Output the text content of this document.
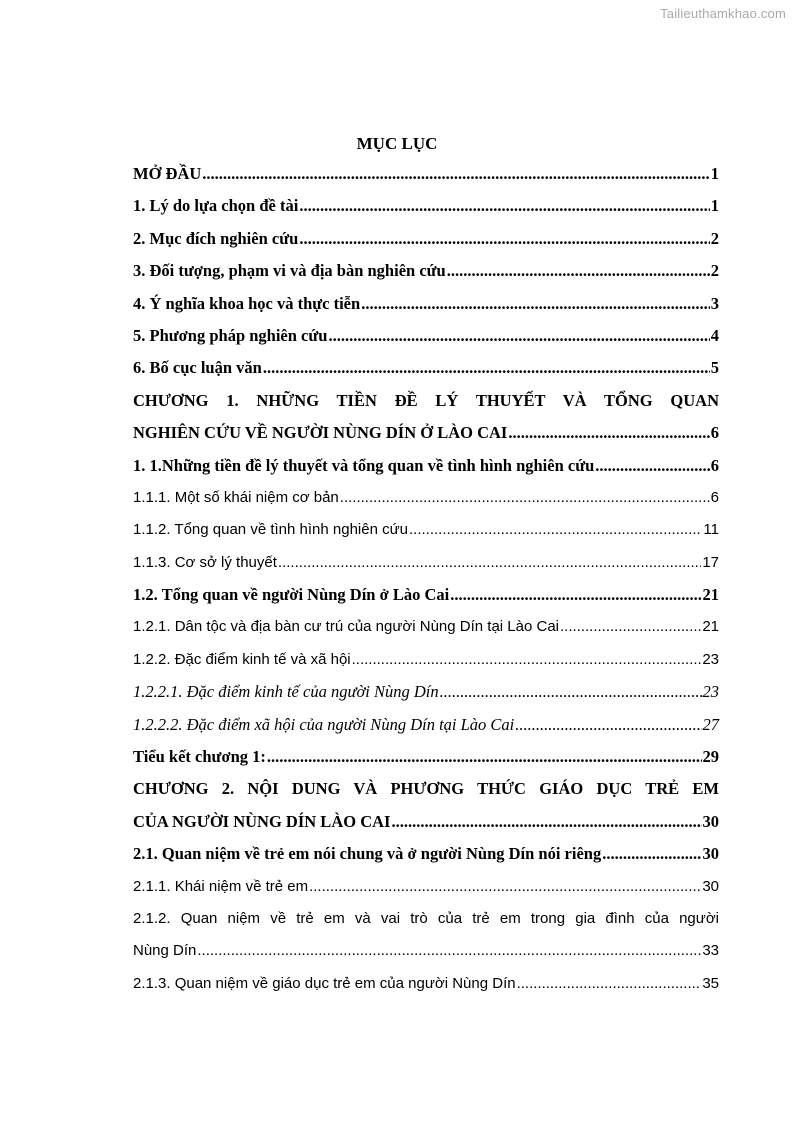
Tailieuthamkhao.com
MỤC LỤC
MỞ ĐẦU .....	1
1. Lý do lựa chọn đề tài .....	1
2. Mục đích nghiên cứu .....	2
3. Đối tượng, phạm vi và địa bàn nghiên cứu .....	2
4. Ý nghĩa khoa học và thực tiễn .....	3
5. Phương pháp nghiên cứu .....	4
6. Bố cục luận văn .....	5
CHƯƠNG 1. NHỮNG TIỀN ĐỀ LÝ THUYẾT VÀ TỔNG QUAN
NGHIÊN CỨU VỀ NGƯỜI NÙNG DÍN Ở LÀO CAI .....	6
1. 1.Những tiền đề lý thuyết và tổng quan về tình hình nghiên cứu .....	6
1.1.1. Một số khái niệm cơ bản .....	6
1.1.2. Tổng quan về tình hình nghiên cứu .....	11
1.1.3. Cơ sở lý thuyết .....	17
1.2. Tổng quan về người Nùng Dín ở Lào Cai .....	21
1.2.1. Dân tộc và địa bàn cư trú của người Nùng Dín tại Lào Cai .....	21
1.2.2. Đặc điểm kinh tế và xã hội .....	23
1.2.2.1. Đặc điểm kinh tế của người Nùng Dín .....	23
1.2.2.2. Đặc điểm xã hội của người Nùng Dín tại Lào Cai .....	27
Tiểu kết chương 1: .....	29
CHƯƠNG 2. NỘI DUNG VÀ PHƯƠNG THỨC GIÁO DỤC TRẺ EM
CỦA NGƯỜI NÙNG DÍN LÀO CAI .....	30
2.1. Quan niệm về trẻ em nói chung và ở người Nùng Dín nói riêng .....	30
2.1.1. Khái niệm về trẻ em .....	30
2.1.2. Quan niệm về trẻ em và vai trò của trẻ em trong gia đình của người
Nùng Dín .....	33
2.1.3. Quan niệm về giáo dục trẻ em của người Nùng Dín .....	35
